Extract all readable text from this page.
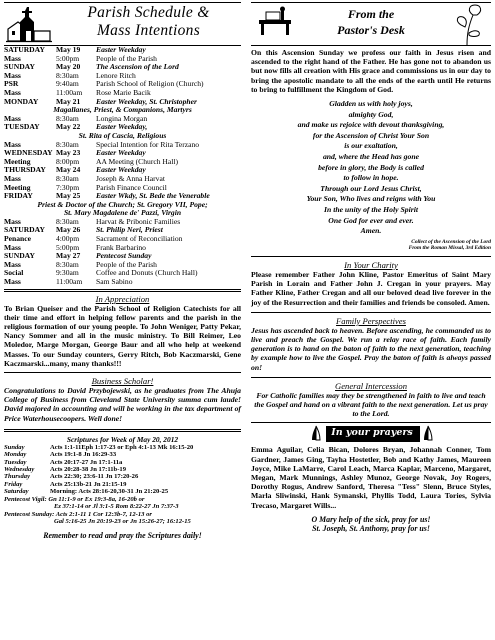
Parish Schedule &
Mass Intentions
SATURDAY	May 19	Easter Weekday
Mass	5:00pm	People of the Parish
SUNDAY	May 20	The Ascension of the Lord
Mass	8:30am	Lenore Ritch
PSR	9:40am	Parish School of Religion (Church)
Mass	11:00am	Rose Marie Bacik
MONDAY	May 21	Easter Weekday, St. Christopher
Magallanes, Priest, & Companions, Martyrs		
Mass	8:30am	Longina Morgan
TUESDAY	May 22	Easter Weekday,
St. Rita of Cascia, Religious		
Mass	8:30am	Special Intention for Rita Terzano
WEDNESDAY	May 23	Easter Weekday
Meeting	8:00pm	AA Meeting (Church Hall)
THURSDAY	May 24	Easter Weekday
Mass	8:30am	Joseph & Anna Harvat
Meeting	7:30pm	Parish Finance Council
FRIDAY	May 25	Easter Wkdy, St. Bede the Venerable
Priest & Doctor of the Church; St. Gregory VII, Pope;		
St. Mary Magdalene de' Pazzi, Virgin		
Mass	8:30am	Harvat & Pribonic Families
SATURDAY	May 26	St. Philip Neri, Priest
Penance	4:00pm	Sacrament of Reconciliation
Mass	5:00pm	Frank Barbarino
SUNDAY	May 27	Pentecost Sunday
Mass	8:30am	People of the Parish
Social	9:30am	Coffee and Donuts (Church Hall)
Mass	11:00am	Sam Sabino

In Appreciation

To Brian Queiser and the Parish School of Religion Catechists for all their time and effort in helping fellow parents and the parish in the religious formation of our young people. To John Weniger, Patty Pekar, Nancy Sommer and all in the music ministry. To Bill Reimer, Leo Moledor, Marge Morgan, George Baur and all who help at weekend Masses. To our Sunday counters, Gerry Ritch, Bob Kaczmarski, Gene Kaczmarski...many, many thanks!!!

Business Scholar!

Congratulations to David Przybojewski, as he graduates from The Ahuja College of Business from Cleveland State University summa cum laude! David majored in accounting and will be working in the tax department of Price Waterhousecoopers. Well done!

Scriptures for Week of May 20, 2012

Sunday	Acts 1:1-11Eph 1:17-23 or Eph 4:1-13 Mk 16:15-20
Monday	Acts 19:1-8 Jn 16:29-33
Tuesday	Acts 20:17-27 Jn 17:1-11a
Wednesday	Acts 20:28-38 Jn 17:11b-19
Thursday	Acts 22:30; 23:6-11 Jn 17:20-26
Friday	Acts 25:13b-21 Jn 21:15-19
Saturday	Morning: Acts 28:16-20,30-31 Jn 21:20-25
Pentecost Vigil: Gn 11:1-9 or Ex 19:3-8a, 16-20b or
Ez 37:1-14 or Jl 3:1-5 Rom 8:22-27 Jn 7:37-3
Pentecost Sunday: Acts 2:1-11 1 Cor 12:3b-7, 12-13 or
Gal 5:16-25 Jn 20:19-23 or Jn 15:26-27; 16:12-15

Remember to read and pray the Scriptures daily!

From the
Pastor's Desk

On this Ascension Sunday we profess our faith in Jesus risen and ascended to the right hand of the Father. He has gone not to abandon us but now fills all creation with His grace and commissions us in our day to bring the apostolic mandate to all the ends of the earth until He returns to bring to fulfillment the Kingdom of God.

Gladden us with holy joys,
almighty God,
and make us rejoice with devout thanksgiving,
for the Ascension of Christ Your Son
is our exaltation,
and, where the Head has gone
before in glory, the Body is called
to follow in hope.
Through our Lord Jesus Christ,
Your Son, Who lives and reigns with You
In the unity of the Holy Spirit
One God for ever and ever.
Amen.
Collect of the Ascension of the Lord
From the Roman Missal, 3rd Edition

In Your Charity

Please remember Father John Kline, Pastor Emeritus of Saint Mary Parish in Lorain and Father John J. Cregan in your prayers. May Father Kline, Father Cregan and all our beloved dead live forever in the joy of the Resurrection and their families and friends be consoled. Amen.

Family Perspectives

Jesus has ascended back to heaven. Before ascending, he commanded us to live and preach the Gospel. We run a relay race of faith. Each family generation is to hand on the baton of faith to the next generation, teaching by example how to live the Gospel. Pray the baton of faith is always passed on!

General Intercession

For Catholic families may they be strengthened in faith to live and teach the Gospel and hand on a vibrant faith to the next generation. Let us pray to the Lord.

In your prayers

Emma Aguilar, Celia Bican, Dolores Bryan, Johannah Conner, Tom Gardner, James Ging, Tayha Hostetler, Bob and Kathy James, Maureen Joyce, Mike LaMarre, Carol Leach, Marca Kaplar, Marceno, Margaret, Megan, Mark Munnings, Ashley Munoz, George Novak, Joy Rogers, Dorothy Rogus, Andrew Sanford, Theresa "Tess" Slenn, Bruce Styles, Marla Sliwinski, Hank Symanski, Phyllis Todd, Laura Tories, Sylvia Trecaso, Margaret Wills...

O Mary help of the sick, pray for us!
St. Joseph, St. Anthony, pray for us!
